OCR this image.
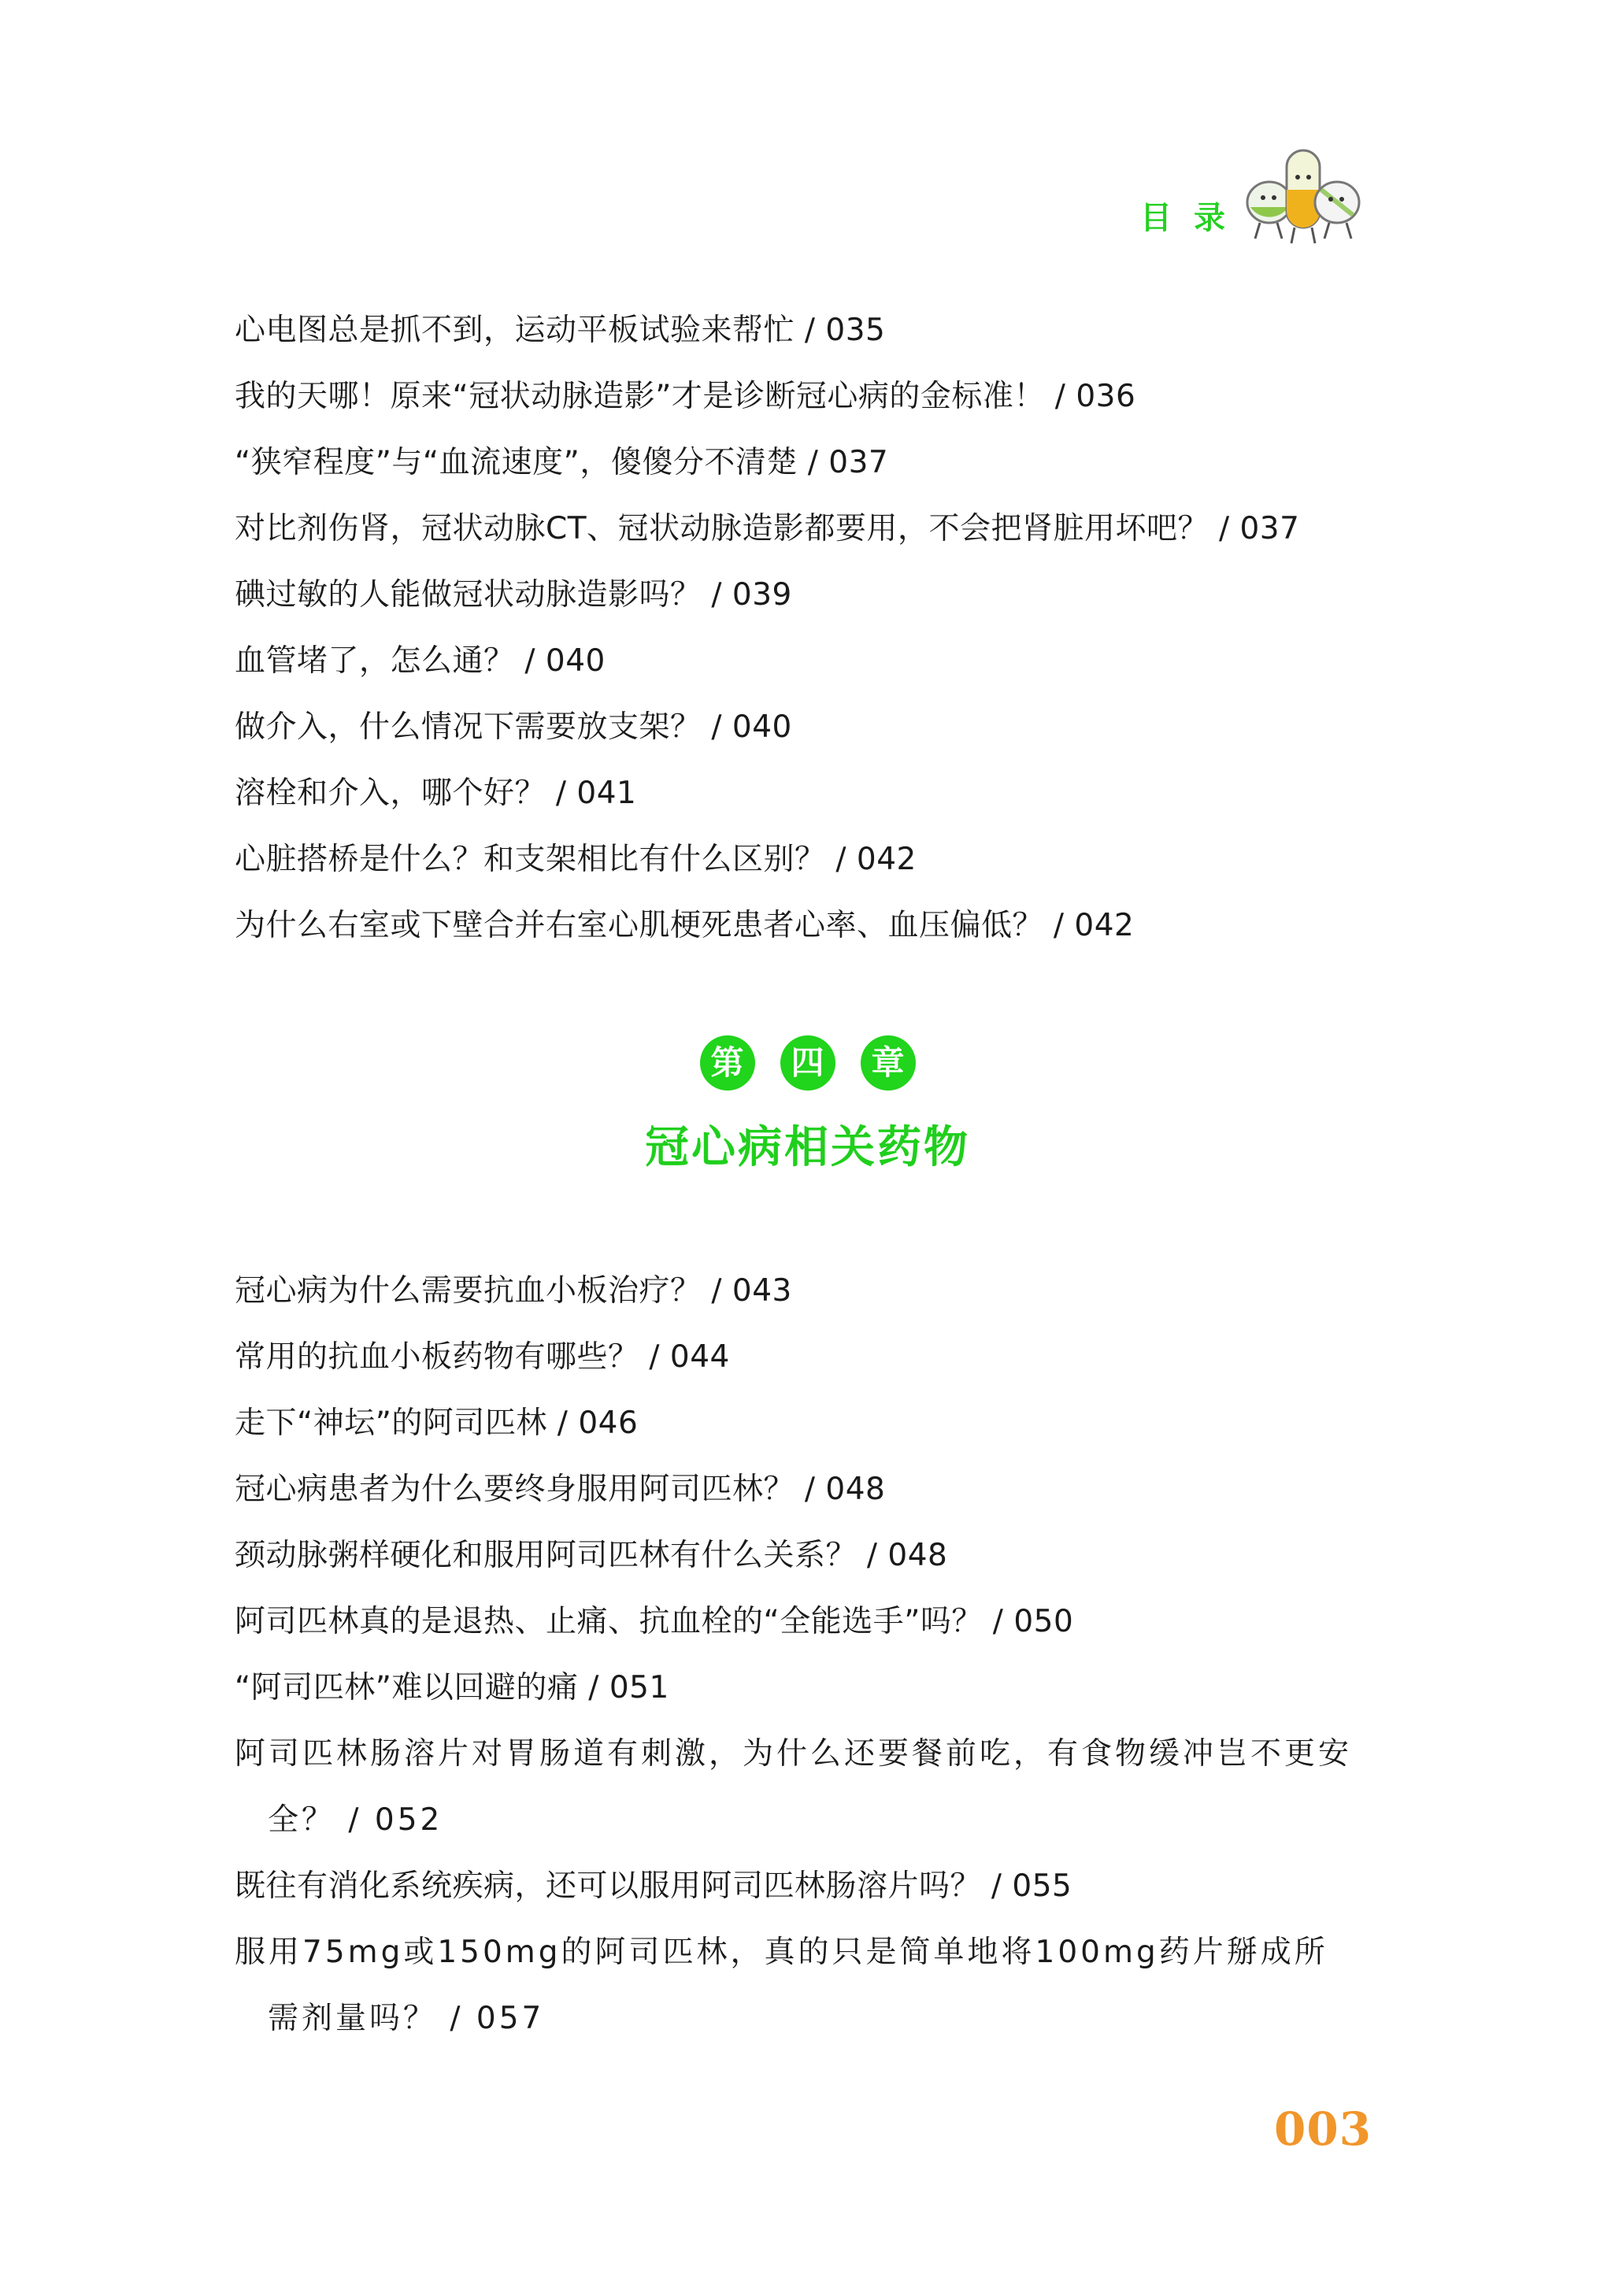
目录
心电图总是抓不到，运动平板试验来帮忙 / 035
我的天哪！原来“冠状动脉造影”才是诊断冠心病的金标准！ / 036
“狭窄程度”与“血流速度”，傻傻分不清楚 / 037
对比剂伤肾，冠状动脉CT、冠状动脉造影都要用，不会把肾脏用坏吧？ / 037
碘过敏的人能做冠状动脉造影吗？ / 039
血管堵了，怎么通？ / 040
做介入，什么情况下需要放支架？ / 040
溶栓和介入，哪个好？ / 041
心脏搭桥是什么？和支架相比有什么区别？ / 042
为什么右室或下壁合并右室心肌梗死患者心率、血压偏低？ / 042
第	四	章
冠心病相关药物
冠心病为什么需要抗血小板治疗？ / 043
常用的抗血小板药物有哪些？ / 044
走下“神坛”的阿司匹林 / 046
冠心病患者为什么要终身服用阿司匹林？ / 048
颈动脉粥样硬化和服用阿司匹林有什么关系？ / 048
阿司匹林真的是退热、止痛、抗血栓的“全能选手”吗？ / 050
“阿司匹林”难以回避的痛 / 051
阿司匹林肠溶片对胃肠道有刺激，为什么还要餐前吃，有食物缓冲岂不更安全？ / 052
既往有消化系统疾病，还可以服用阿司匹林肠溶片吗？ / 055
服用75mg或150mg的阿司匹林，真的只是简单地将100mg药片掰成所需剂量吗？ / 057
003
